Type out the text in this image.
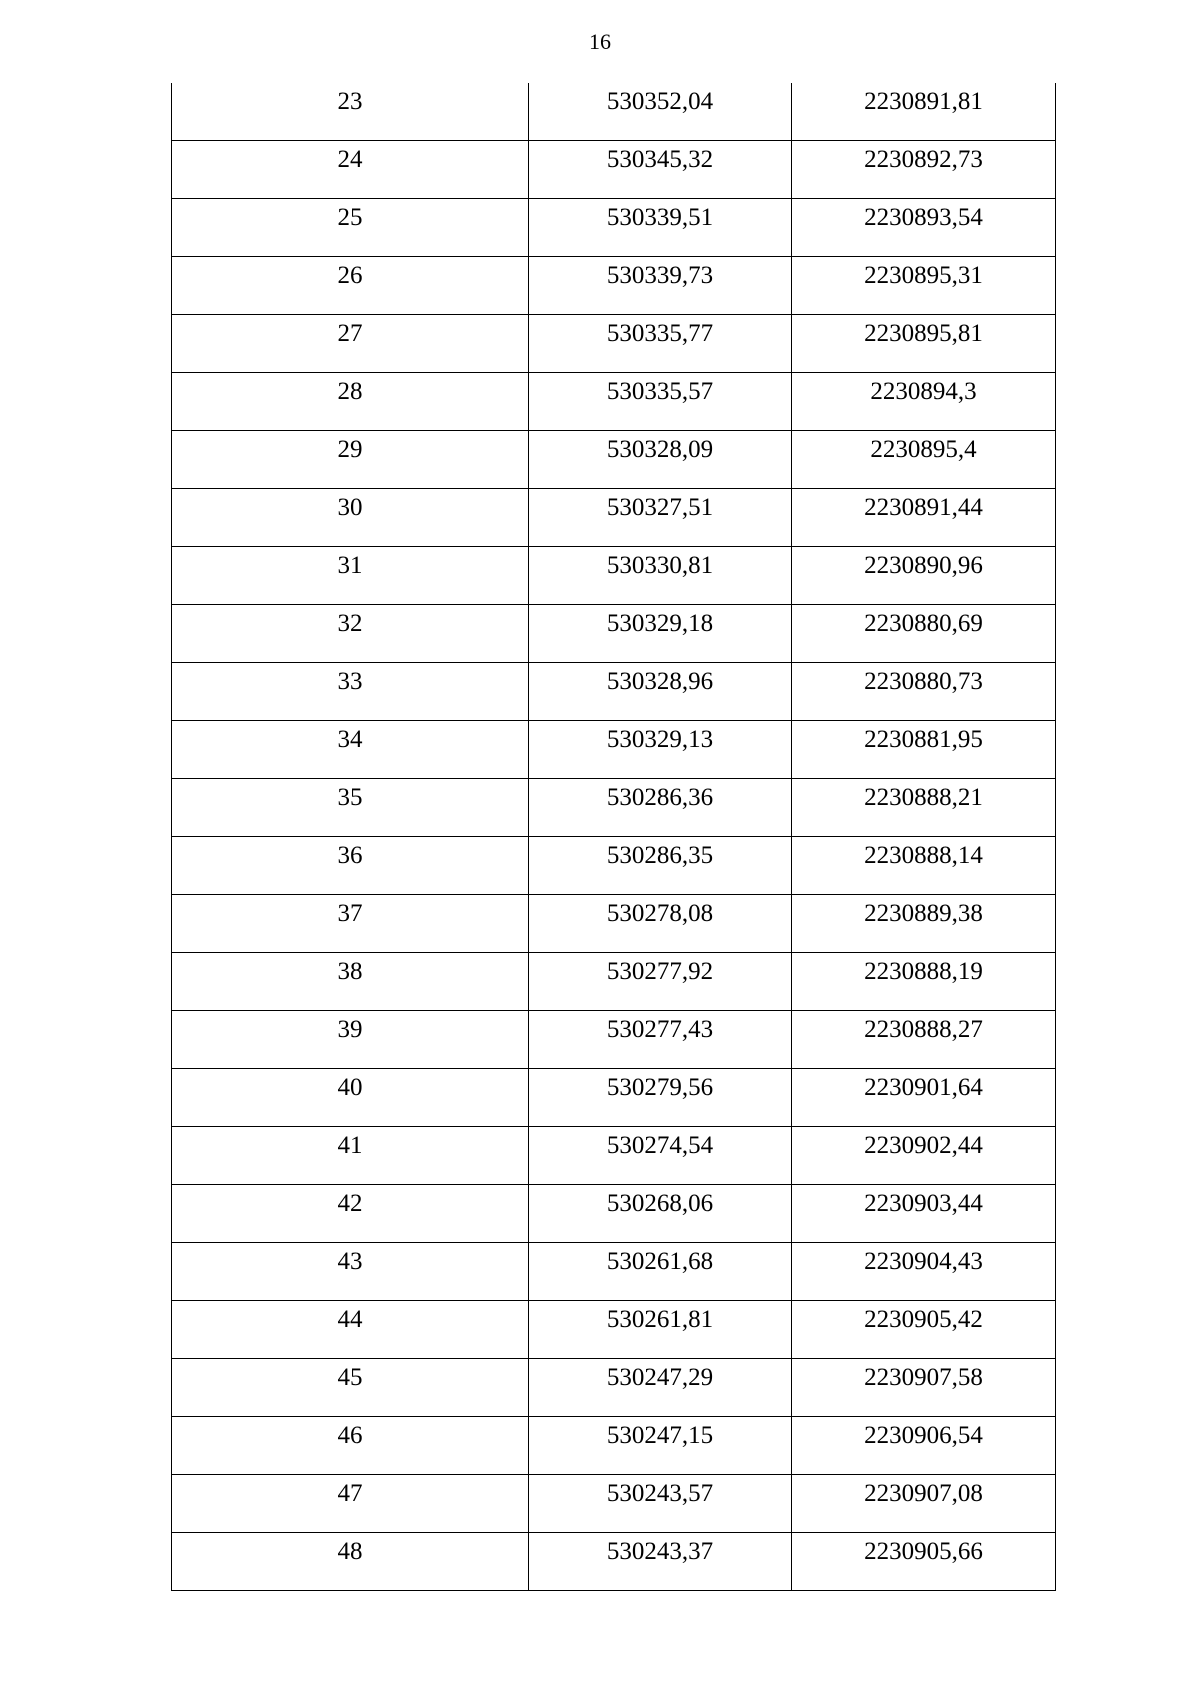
16
23	530352,04	2230891,81
24	530345,32	2230892,73
25	530339,51	2230893,54
26	530339,73	2230895,31
27	530335,77	2230895,81
28	530335,57	2230894,3
29	530328,09	2230895,4
30	530327,51	2230891,44
31	530330,81	2230890,96
32	530329,18	2230880,69
33	530328,96	2230880,73
34	530329,13	2230881,95
35	530286,36	2230888,21
36	530286,35	2230888,14
37	530278,08	2230889,38
38	530277,92	2230888,19
39	530277,43	2230888,27
40	530279,56	2230901,64
41	530274,54	2230902,44
42	530268,06	2230903,44
43	530261,68	2230904,43
44	530261,81	2230905,42
45	530247,29	2230907,58
46	530247,15	2230906,54
47	530243,57	2230907,08
48	530243,37	2230905,66
